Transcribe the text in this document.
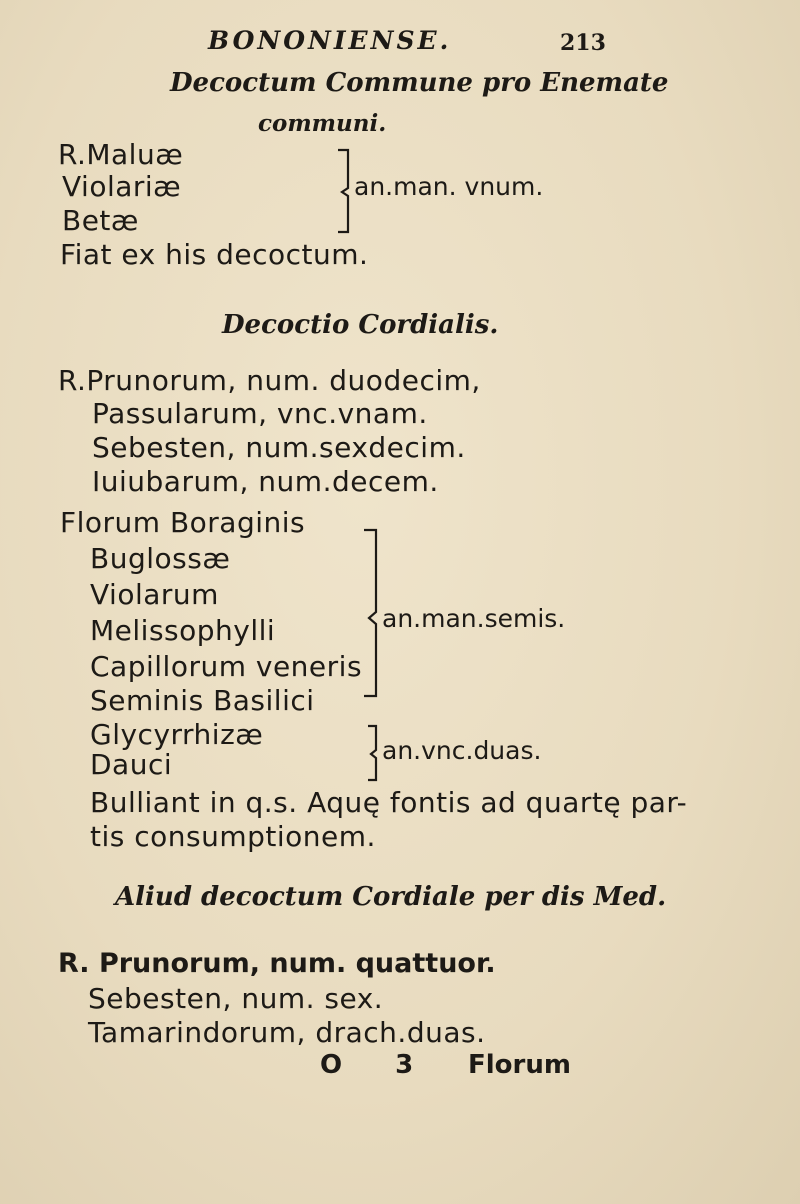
BONONIENSE.	213
Decoctum Commune pro Enemate
communi.
R.Maluæ
Violariæ
Betæ
an.man. vnum.
Fiat ex his decoctum.
Decoctio Cordialis.
R.Prunorum, num. duodecim,
Passularum, vnc.vnam.
Sebesten, num.sexdecim.
Iuiubarum, num.decem.
Florum Boraginis
Buglossæ
Violarum
Melissophylli
Capillorum veneris
Seminis Basilici
an.man.semis.
Glycyrrhizæ
Dauci	an.vnc.duas.
Bulliant in q.s. Aquę fontis ad quartę par-
tis consumptionem.
Aliud decoctum Cordiale per dis Med.
R. Prunorum, num. quattuor.
Sebesten, num. sex.
Tamarindorum, drach.duas.
O 3 Florum
